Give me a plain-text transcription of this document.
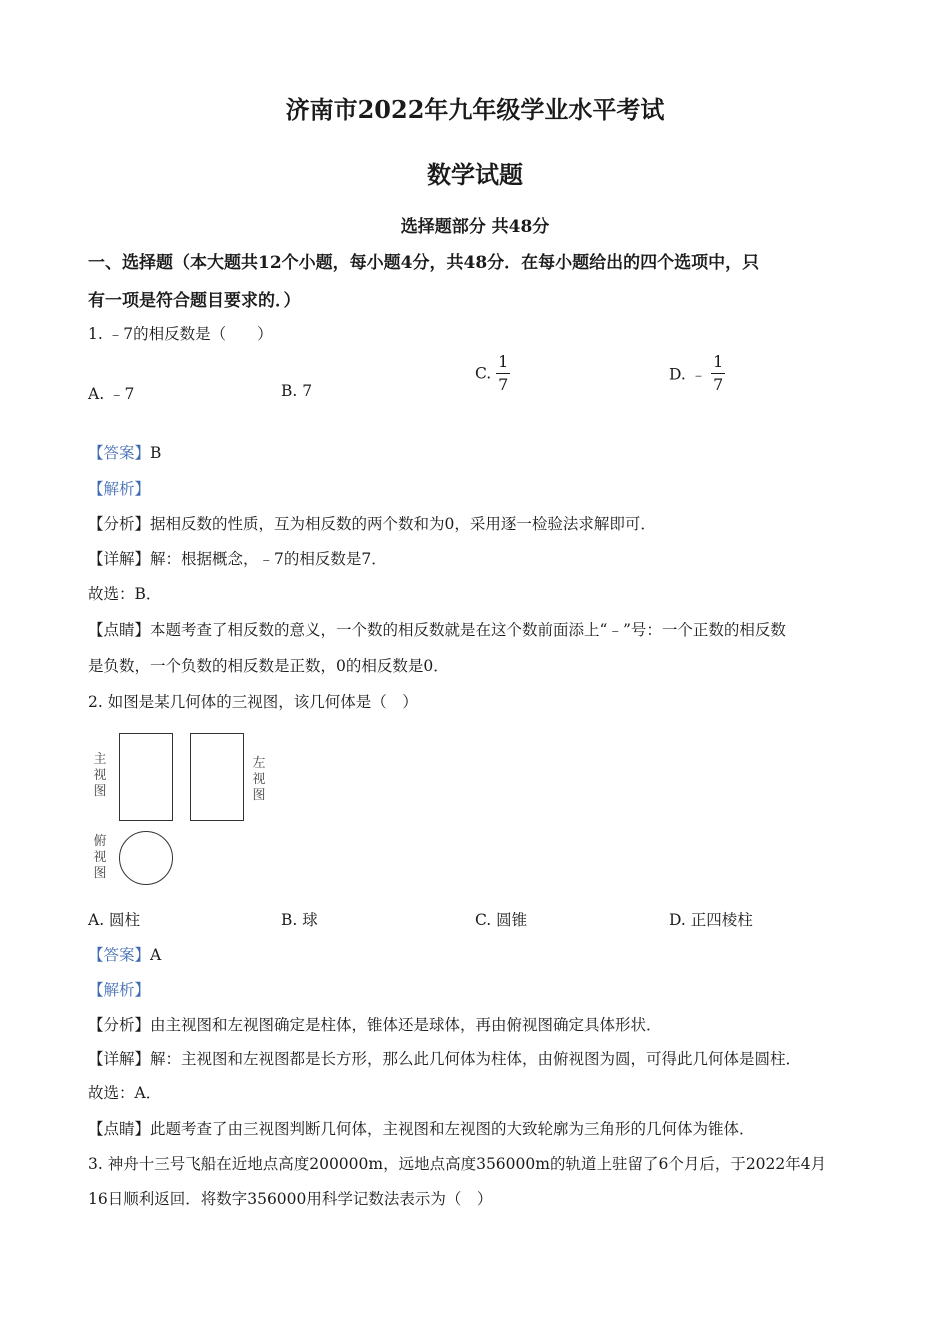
济南市2022年九年级学业水平考试
数学试题
选择题部分 共48分
一、选择题（本大题共12个小题，每小题4分，共48分．在每小题给出的四个选项中，只
有一项是符合题目要求的．）
1. ﹣7的相反数是（　　）
A. ﹣7	B. 7
C. $\frac{1}{7}$	D. ﹣ $\frac{1}{7}$
【答案】B
【解析】
【分析】据相反数的性质，互为相反数的两个数和为0，采用逐一检验法求解即可．
【详解】解：根据概念，﹣7的相反数是7．
故选：B．
【点睛】本题考查了相反数的意义，一个数的相反数就是在这个数前面添上“﹣”号：一个正数的相反数
是负数，一个负数的相反数是正数，0的相反数是0．
2. 如图是某几何体的三视图，该几何体是（　）
主
视
图
左
视
图
俯
视
图
A. 圆柱	B. 球	C. 圆锥	D. 正四棱柱
【答案】A
【解析】
【分析】由主视图和左视图确定是柱体，锥体还是球体，再由俯视图确定具体形状．
【详解】解：主视图和左视图都是长方形，那么此几何体为柱体，由俯视图为圆，可得此几何体是圆柱．
故选：A．
【点睛】此题考查了由三视图判断几何体，主视图和左视图的大致轮廓为三角形的几何体为锥体．
3. 神舟十三号飞船在近地点高度200000m，远地点高度356000m的轨道上驻留了6个月后，于2022年4月
16日顺利返回．将数字356000用科学记数法表示为（　）
